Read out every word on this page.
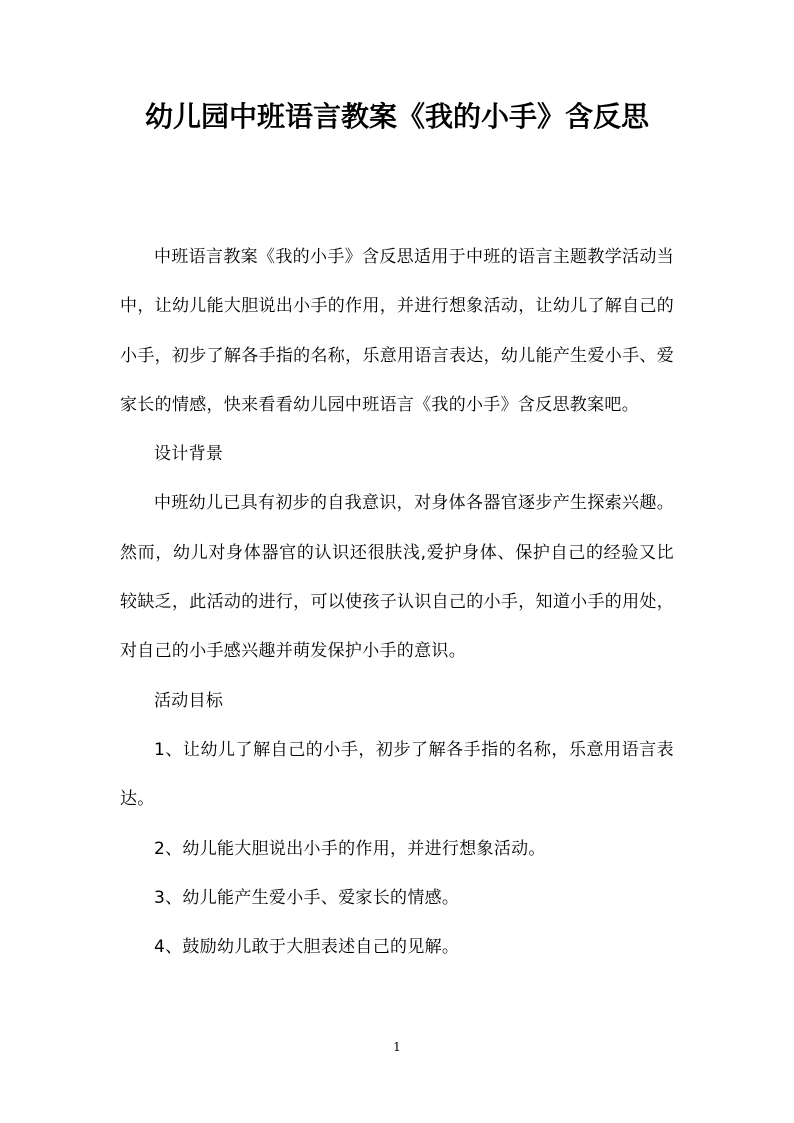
幼儿园中班语言教案《我的小手》含反思

中班语言教案《我的小手》含反思适用于中班的语言主题教学活动当中，让幼儿能大胆说出小手的作用，并进行想象活动，让幼儿了解自己的小手，初步了解各手指的名称，乐意用语言表达，幼儿能产生爱小手、爱家长的情感，快来看看幼儿园中班语言《我的小手》含反思教案吧。

设计背景

中班幼儿已具有初步的自我意识，对身体各器官逐步产生探索兴趣。然而，幼儿对身体器官的认识还很肤浅,爱护身体、保护自己的经验又比较缺乏，此活动的进行，可以使孩子认识自己的小手，知道小手的用处，对自己的小手感兴趣并萌发保护小手的意识。

活动目标

1、让幼儿了解自己的小手，初步了解各手指的名称，乐意用语言表达。

2、幼儿能大胆说出小手的作用，并进行想象活动。

3、幼儿能产生爱小手、爱家长的情感。

4、鼓励幼儿敢于大胆表述自己的见解。

1
